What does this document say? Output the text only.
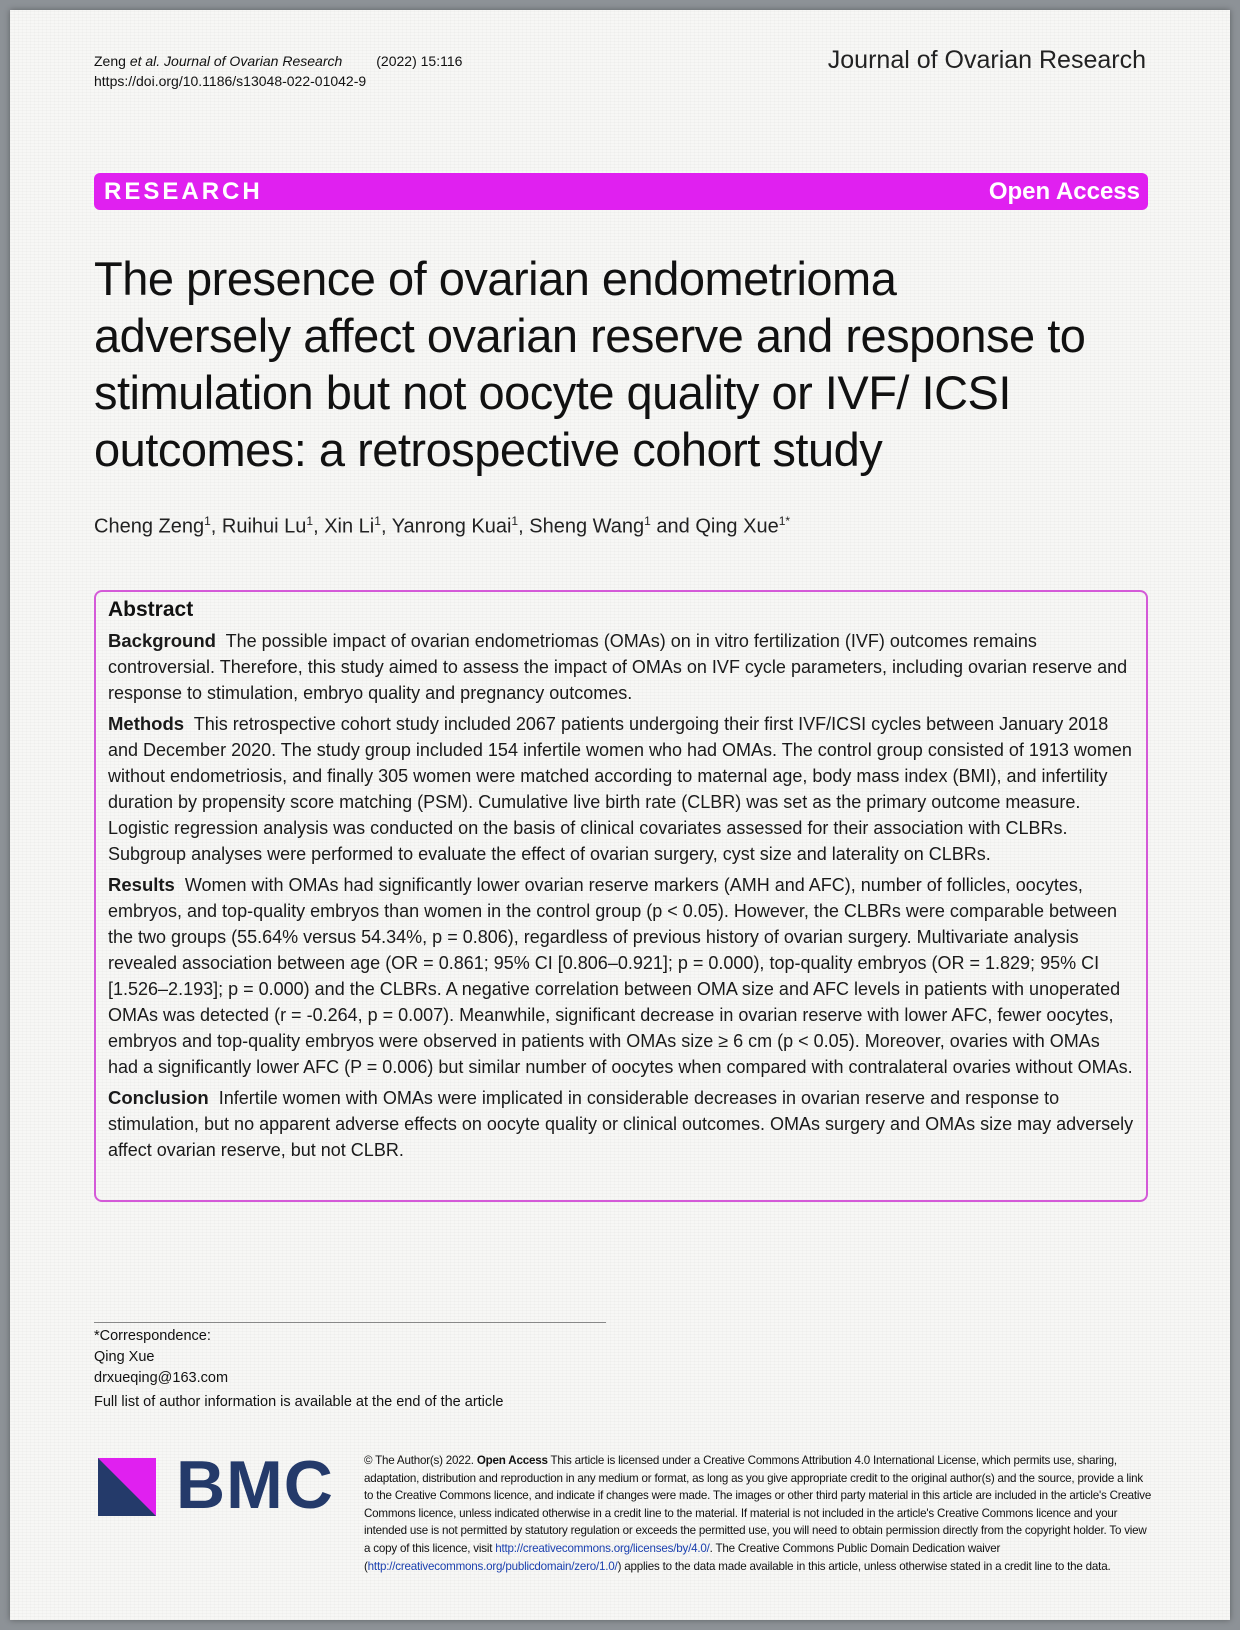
Zeng et al. Journal of Ovarian Research (2022) 15:116
https://doi.org/10.1186/s13048-022-01042-9
Journal of Ovarian Research
RESEARCH	Open Access
The presence of ovarian endometrioma adversely affect ovarian reserve and response to stimulation but not oocyte quality or IVF/ ICSI outcomes: a retrospective cohort study
Cheng Zeng$^1$, Ruihui Lu$^1$, Xin Li$^1$, Yanrong Kuai$^1$, Sheng Wang$^1$ and Qing Xue$^{1*}$
Abstract

Background The possible impact of ovarian endometriomas (OMAs) on in vitro fertilization (IVF) outcomes remains controversial. Therefore, this study aimed to assess the impact of OMAs on IVF cycle parameters, including ovarian reserve and response to stimulation, embryo quality and pregnancy outcomes.

Methods This retrospective cohort study included 2067 patients undergoing their first IVF/ICSI cycles between January 2018 and December 2020. The study group included 154 infertile women who had OMAs. The control group consisted of 1913 women without endometriosis, and finally 305 women were matched according to maternal age, body mass index (BMI), and infertility duration by propensity score matching (PSM). Cumulative live birth rate (CLBR) was set as the primary outcome measure. Logistic regression analysis was conducted on the basis of clinical covariates assessed for their association with CLBRs. Subgroup analyses were performed to evaluate the effect of ovarian surgery, cyst size and laterality on CLBRs.

Results Women with OMAs had significantly lower ovarian reserve markers (AMH and AFC), number of follicles, oocytes, embryos, and top-quality embryos than women in the control group (p < 0.05). However, the CLBRs were comparable between the two groups (55.64% versus 54.34%, p = 0.806), regardless of previous history of ovarian surgery. Multivariate analysis revealed association between age (OR = 0.861; 95% CI [0.806–0.921]; p = 0.000), top-quality embryos (OR = 1.829; 95% CI [1.526–2.193]; p = 0.000) and the CLBRs. A negative correlation between OMA size and AFC levels in patients with unoperated OMAs was detected (r = -0.264, p = 0.007). Meanwhile, significant decrease in ovarian reserve with lower AFC, fewer oocytes, embryos and top-quality embryos were observed in patients with OMAs size ≥ 6 cm (p < 0.05). Moreover, ovaries with OMAs had a significantly lower AFC (P = 0.006) but similar number of oocytes when compared with contralateral ovaries without OMAs.

Conclusion Infertile women with OMAs were implicated in considerable decreases in ovarian reserve and response to stimulation, but no apparent adverse effects on oocyte quality or clinical outcomes. OMAs surgery and OMAs size may adversely affect ovarian reserve, but not CLBR.

*Correspondence:
Qing Xue
drxueqing@163.com
Full list of author information is available at the end of the article
BMC	© The Author(s) 2022. Open Access This article is licensed under a Creative Commons Attribution 4.0 International License, which permits use, sharing, adaptation, distribution and reproduction in any medium or format, as long as you give appropriate credit to the original author(s) and the source, provide a link to the Creative Commons licence, and indicate if changes were made. The images or other third party material in this article are included in the article's Creative Commons licence, unless indicated otherwise in a credit line to the material. If material is not included in the article's Creative Commons licence and your intended use is not permitted by statutory regulation or exceeds the permitted use, you will need to obtain permission directly from the copyright holder. To view a copy of this licence, visit http://creativecommons.org/licenses/by/4.0/. The Creative Commons Public Domain Dedication waiver (http://creativecommons.org/publicdomain/zero/1.0/) applies to the data made available in this article, unless otherwise stated in a credit line to the data.
